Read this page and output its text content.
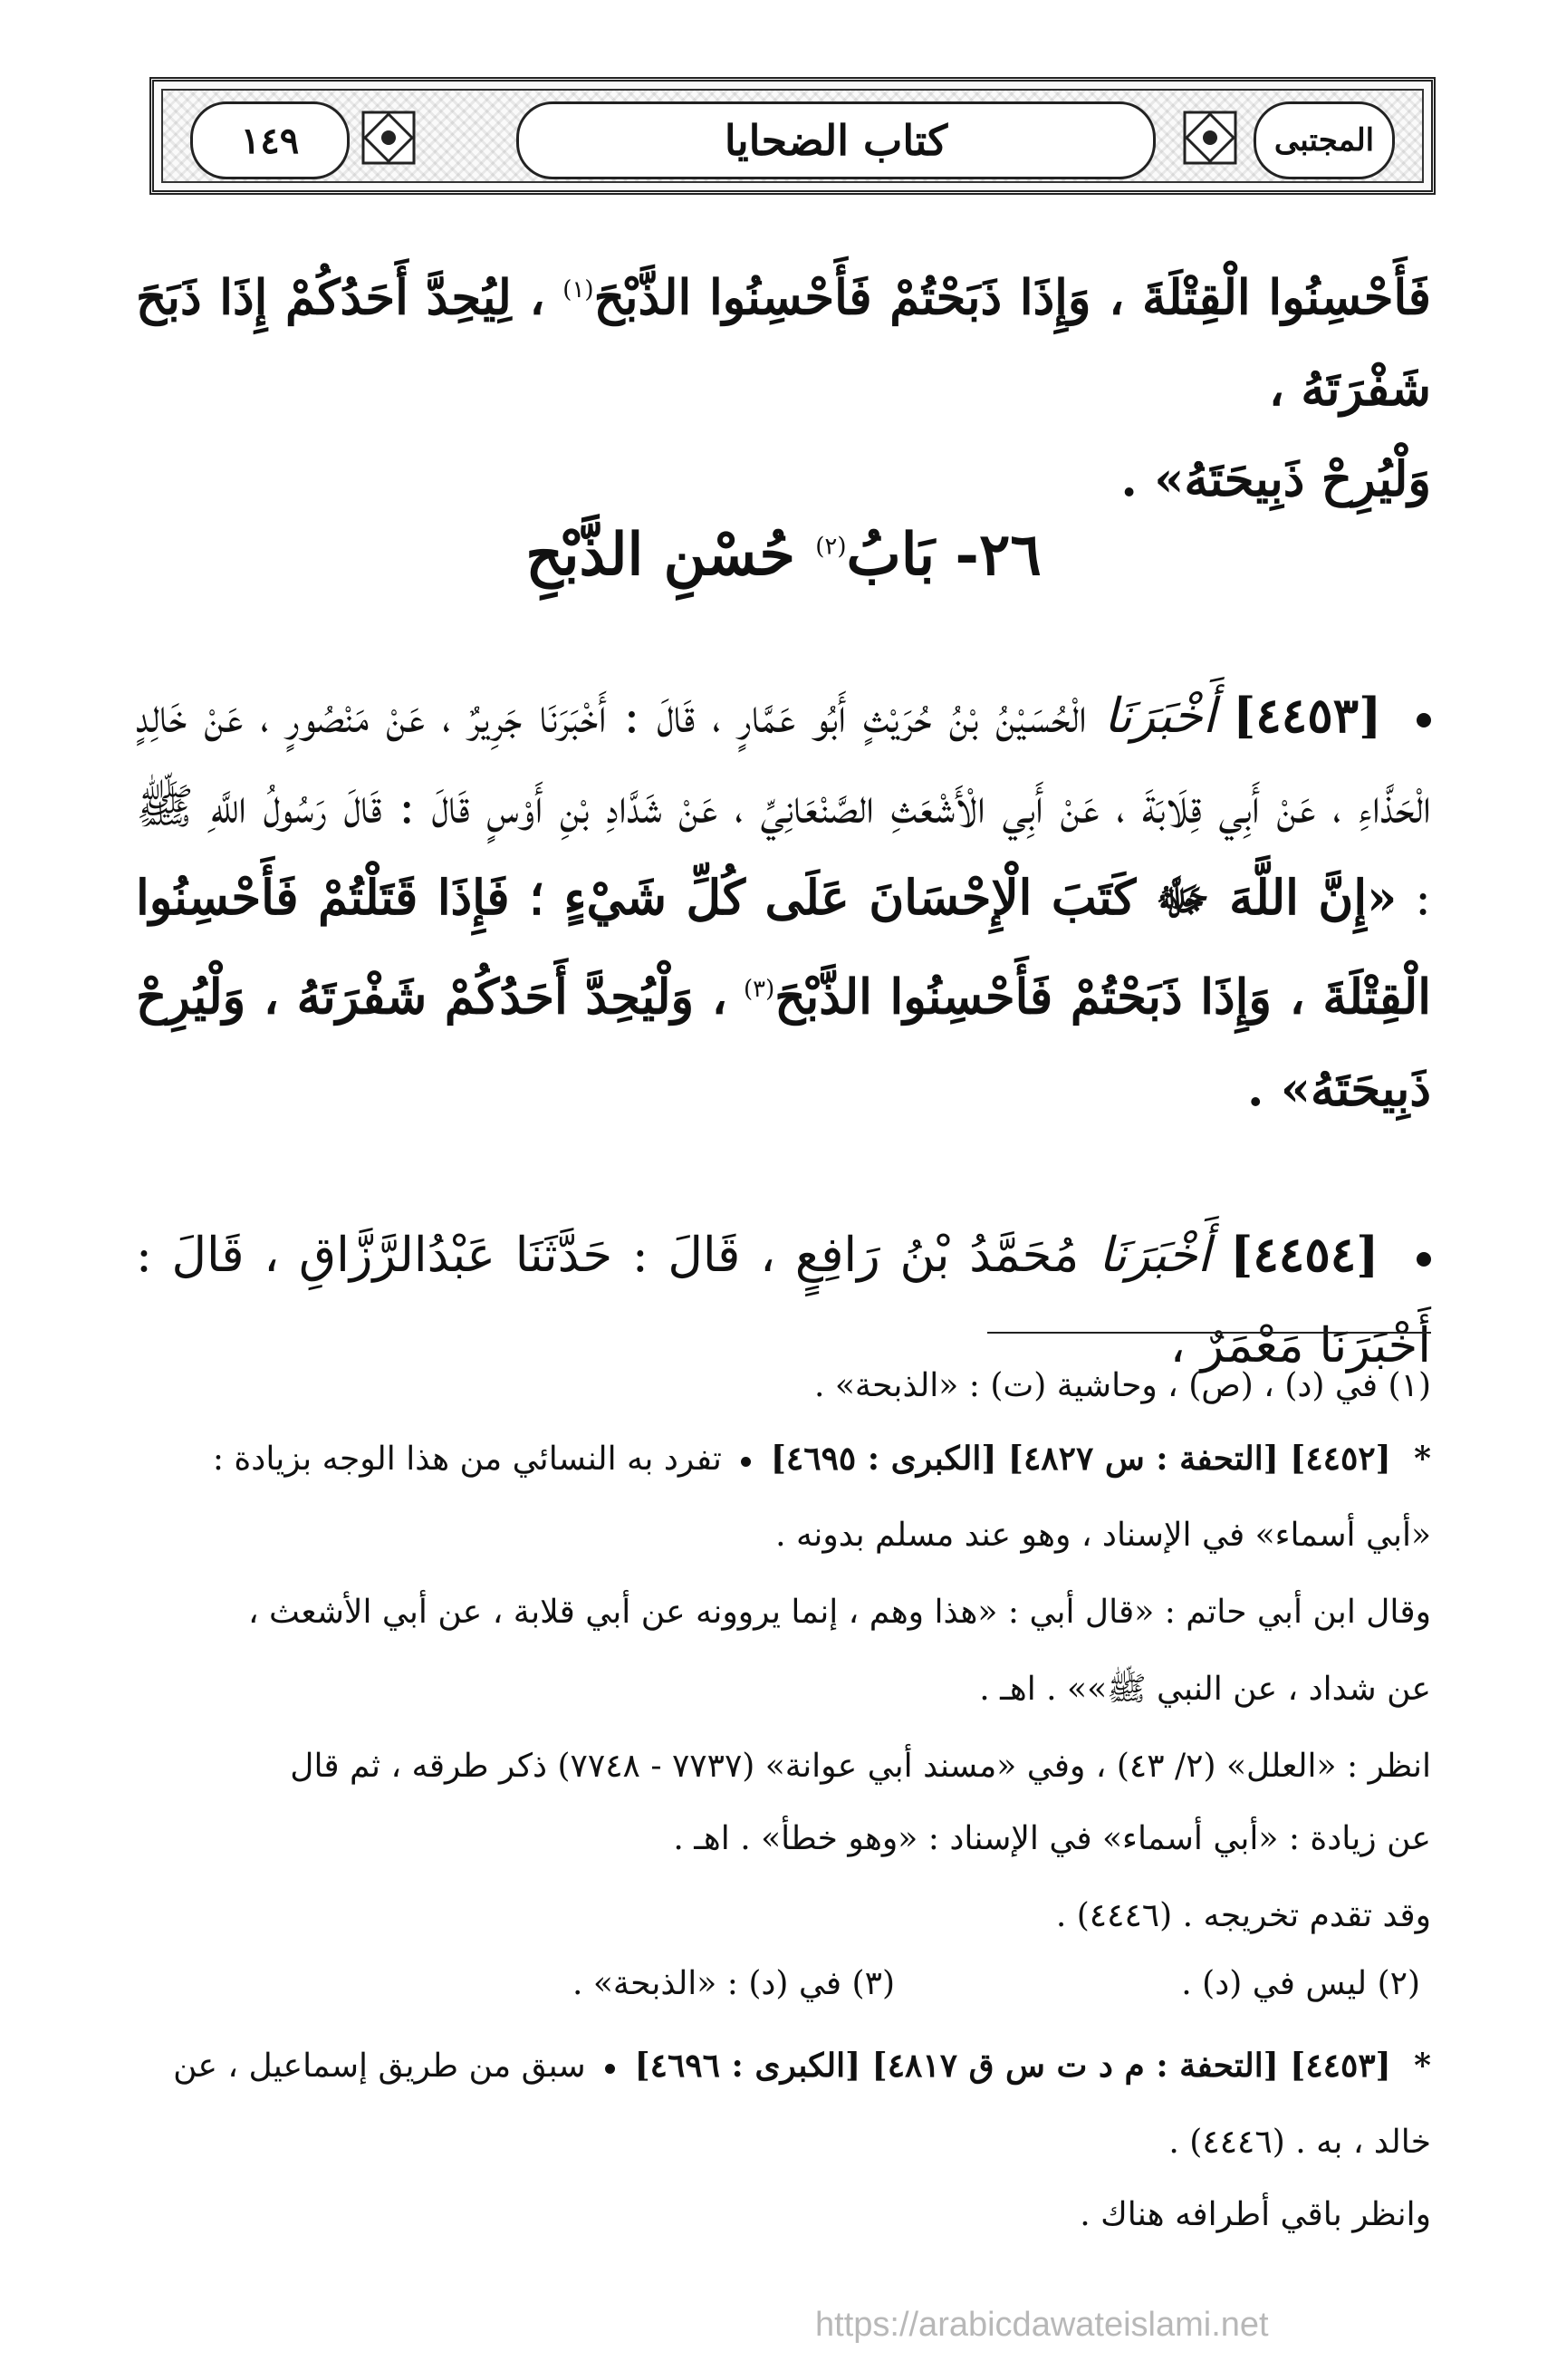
١٤٩	كتاب الضحايا	المجتبى

فَأَحْسِنُوا الْقِتْلَةَ ، وَإِذَا ذَبَحْتُمْ فَأَحْسِنُوا الذَّبْحَ$^{(١)}$ ، لِيُحِدَّ أَحَدُكُمْ إِذَا ذَبَحَ شَفْرَتَهُ ،

وَلْيُرِحْ ذَبِيحَتَهُ» .

٢٦- بَابُ$^{(٢)}$ حُسْنِ الذَّبْحِ

[٤٤٥٣] أَخْبَرَنَا الْحُسَيْنُ بْنُ حُرَيْثٍ أَبُو عَمَّارٍ ، قَالَ : أَخْبَرَنَا جَرِيرٌ ، عَنْ مَنْصُورٍ ، عَنْ خَالِدٍ الْحَذَّاءِ ، عَنْ أَبِي قِلَابَةَ ، عَنْ أَبِي الْأَشْعَثِ الصَّنْعَانِيِّ ، عَنْ شَدَّادِ بْنِ أَوْسٍ قَالَ : قَالَ رَسُولُ اللَّهِ ﷺ : «إِنَّ اللَّهَ ﷻ كَتَبَ الْإِحْسَانَ عَلَى كُلِّ شَيْءٍ ؛ فَإِذَا قَتَلْتُمْ فَأَحْسِنُوا الْقِتْلَةَ ، وَإِذَا ذَبَحْتُمْ فَأَحْسِنُوا الذَّبْحَ$^{(٣)}$ ، وَلْيُحِدَّ أَحَدُكُمْ شَفْرَتَهُ ، وَلْيُرِحْ ذَبِيحَتَهُ» .

[٤٤٥٤] أَخْبَرَنَا مُحَمَّدُ بْنُ رَافِعٍ ، قَالَ : حَدَّثَنَا عَبْدُالرَّزَّاقِ ، قَالَ : أَخْبَرَنَا مَعْمَرٌ ،

(١) في (د) ، (ص) ، وحاشية (ت) : «الذبحة» .

* [٤٤٥٢] [التحفة : س ٤٨٢٧] [الكبرى : ٤٦٩٥]  تفرد به النسائي من هذا الوجه بزيادة :

«أبي أسماء» في الإسناد ، وهو عند مسلم بدونه .

وقال ابن أبي حاتم : «قال أبي : «هذا وهم ، إنما يروونه عن أبي قلابة ، عن أبي الأشعث ،

عن شداد ، عن النبي ﷺ»» . اهـ .

انظر : «العلل» (٢/ ٤٣) ، وفي «مسند أبي عوانة» (٧٧٣٧ - ٧٧٤٨) ذكر طرقه ، ثم قال

عن زيادة : «أبي أسماء» في الإسناد : «وهو خطأ» . اهـ .

وقد تقدم تخريجه . (٤٤٤٦) .

(٢) ليس في (د) .

(٣) في (د) : «الذبحة» .

* [٤٤٥٣] [التحفة : م د ت س ق ٤٨١٧] [الكبرى : ٤٦٩٦]  سبق من طريق إسماعيل ، عن

خالد ، به . (٤٤٤٦) .

وانظر باقي أطرافه هناك .

https://arabicdawateislami.net
